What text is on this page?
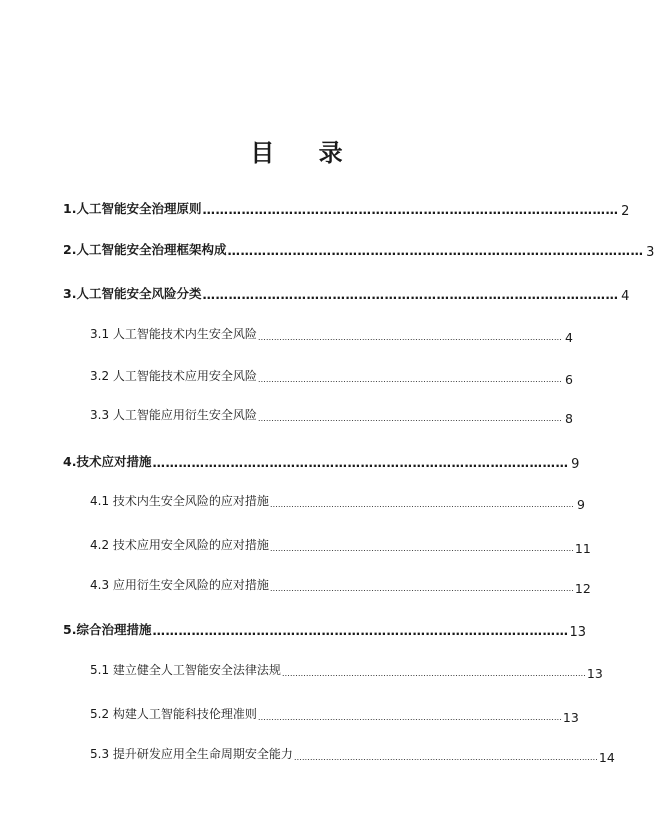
目 录
1.人工智能安全治理原则 …………………………………………………………………………………… 2
2.人工智能安全治理框架构成 …………………………………………………………………………………… 3
3.人工智能安全风险分类 …………………………………………………………………………………… 4
3.1 人工智能技术内生安全风险 …………………………………………………………………………………………………… 4
3.2 人工智能技术应用安全风险 …………………………………………………………………………………………………… 6
3.3 人工智能应用衍生安全风险 …………………………………………………………………………………………………… 8
4.技术应对措施 …………………………………………………………………………………… 9
4.1 技术内生安全风险的应对措施 …………………………………………………………………………………………………… 9
4.2 技术应用安全风险的应对措施 …………………………………………………………………………………………………… 11
4.3 应用衍生安全风险的应对措施 …………………………………………………………………………………………………… 12
5.综合治理措施 …………………………………………………………………………………… 13
5.1 建立健全人工智能安全法律法规 …………………………………………………………………………………………………… 13
5.2 构建人工智能科技伦理准则 …………………………………………………………………………………………………… 13
5.3 提升研发应用全生命周期安全能力 …………………………………………………………………………………………………… 14
